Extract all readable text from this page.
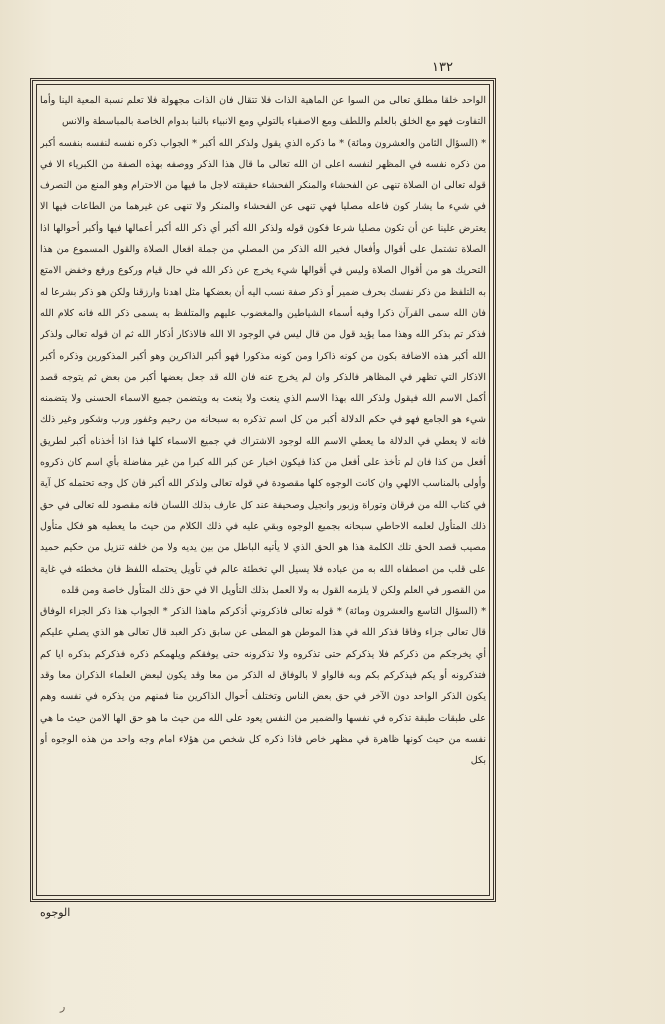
١٣٢

الواحد خلقا مطلق تعالى من السوا عن الماهية الذات فلا تتقال فان الذات مجهولة فلا تعلم نسبة المعية الينا وأما التفاوت فهو مع الخلق بالعلم واللطف ومع الاصفياء بالتولي ومع الانبياء بالنبا بدوام الخاصة بالمباسطة والانس

* (السؤال الثامن والعشرون ومائة) * ما ذكره الذي يقول ولذكر الله أكبر * الجواب ذكره نفسه لنفسه بنفسه أكبر من ذكره نفسه في المظهر لنفسه اعلى ان الله تعالى ما قال هذا الذكر ووصفه بهذه الصفة من الكبرياء الا في قوله تعالى ان الصلاة تنهى عن الفحشاء والمنكر الفحشاء حقيقته لاجل ما فيها من الاحترام وهو المنع من التصرف في شيء ما يشار كون فاعله مصليا فهي تنهى عن الفحشاء والمنكر ولا تنهى عن غيرهما من الطاعات فيها الا يعترض علينا عن أن تكون مصليا شرعا فكون قوله ولذكر الله أكبر أي ذكر الله أكبر أعمالها فيها وأكبر أحوالها اذا الصلاة تشتمل على أقوال وأفعال فخير الله الذكر من المصلي من جملة افعال الصلاة والقول المسموع من هذا التحريك هو من أقوال الصلاة وليس في أقوالها شيء يخرج عن ذكر الله في حال قيام وركوع ورفع وخفض الامتع به التلفظ من ذكر نفسك بحرف ضمير أو ذكر صفة نسب اليه أن بعضكها مثل اهدنا وارزقنا ولكن هو ذكر بشرعا له فان الله سمى القرآن ذكرا وفيه أسماء الشياطين والمغضوب عليهم والمتلفظ به يسمى ذكر الله فانه كلام الله فذكر تم بذكر الله وهذا مما يؤيد قول من قال ليس في الوجود الا الله فالاذكار أذكار الله ثم ان قوله تعالى ولذكر الله أكبر هذه الاضافة بكون من كونه ذاكرا ومن كونه مذكورا فهو أكبر الذاكرين وهو أكبر المذكورين وذكره أكبر الاذكار التي تظهر في المظاهر فالذكر وان لم يخرج عنه فان الله قد جعل بعضها أكبر من بعض ثم يتوجه قصد أكمل الاسم الله فيقول ولذكر الله بهذا الاسم الذي ينعت ولا ينعت به ويتضمن جميع الاسماء الحسنى ولا يتضمنه شيء هو الجامع فهو في حكم الدلالة أكبر من كل اسم تذكره به سبحانه من رحيم وغفور ورب وشكور وغير ذلك فانه لا يعطي في الدلالة ما يعطي الاسم الله لوجود الاشتراك في جميع الاسماء كلها فذا اذا أخذناه أكبر لطريق أفعل من كذا فان لم تأخذ على أفعل من كذا فيكون اخبار عن كبر الله كبرا من غير مفاضلة بأي اسم كان ذكروه وأولى بالمناسب الالهي وان كانت الوجوه كلها مقصودة في قوله تعالى ولذكر الله أكبر فان كل وجه تحتمله كل آية في كتاب الله من فرقان وتوراة وزبور وانجيل وصحيفة عند كل عارف بذلك اللسان فانه مقصود لله تعالى في حق ذلك المتأول لعلمه الاحاطي سبحانه بجميع الوجوه وبقي عليه في ذلك الكلام من حيث ما يعطيه هو فكل متأول مصيب قصد الحق تلك الكلمة هذا هو الحق الذي لا يأتيه الباطل من بين يديه ولا من خلفه تنزيل من حكيم حميد على قلب من اصطفاه الله به من عباده فلا يسيل الي تخطئة عالم في تأويل يحتمله اللفظ فان مخطئه في غاية من القصور في العلم ولكن لا يلزمه القول به ولا العمل بذلك التأويل الا في حق ذلك المتأول خاصة ومن قلده

* (السؤال التاسع والعشرون ومائة) * قوله تعالى فاذكروني أذكركم ماهذا الذكر * الجواب هذا ذكر الجزاء الوفاق قال تعالى جزاء وفاقا فذكر الله في هذا الموطن هو المطى عن سابق ذكر العبد قال تعالى هو الذي يصلي عليكم أي يخرجكم من ذكركم فلا يذكركم حتى تذكروه ولا تذكرونه حتى يوفقكم ويلهمكم ذكره فذكركم بذكره ايا كم فتذكرونه أو يكم فيذكركم بكم وبه فالواو لا بالوفاق له الذكر من معا وقد يكون لبعض العلماء الذكران معا وقد يكون الذكر الواحد دون الآخر في حق بعض الناس وتختلف أحوال الذاكرين منا فمنهم من يذكره في نفسه وهم على طبقات طبقة تذكره في نفسها والضمير من النفس يعود على الله من حيث ما هو حق الها الامن حيث ما هي نفسه من حيث كونها ظاهرة في مظهر خاص فاذا ذكره كل شخص من هؤلاء امام وجه واحد من هذه الوجوه أو بكل

الوجوه
ر
